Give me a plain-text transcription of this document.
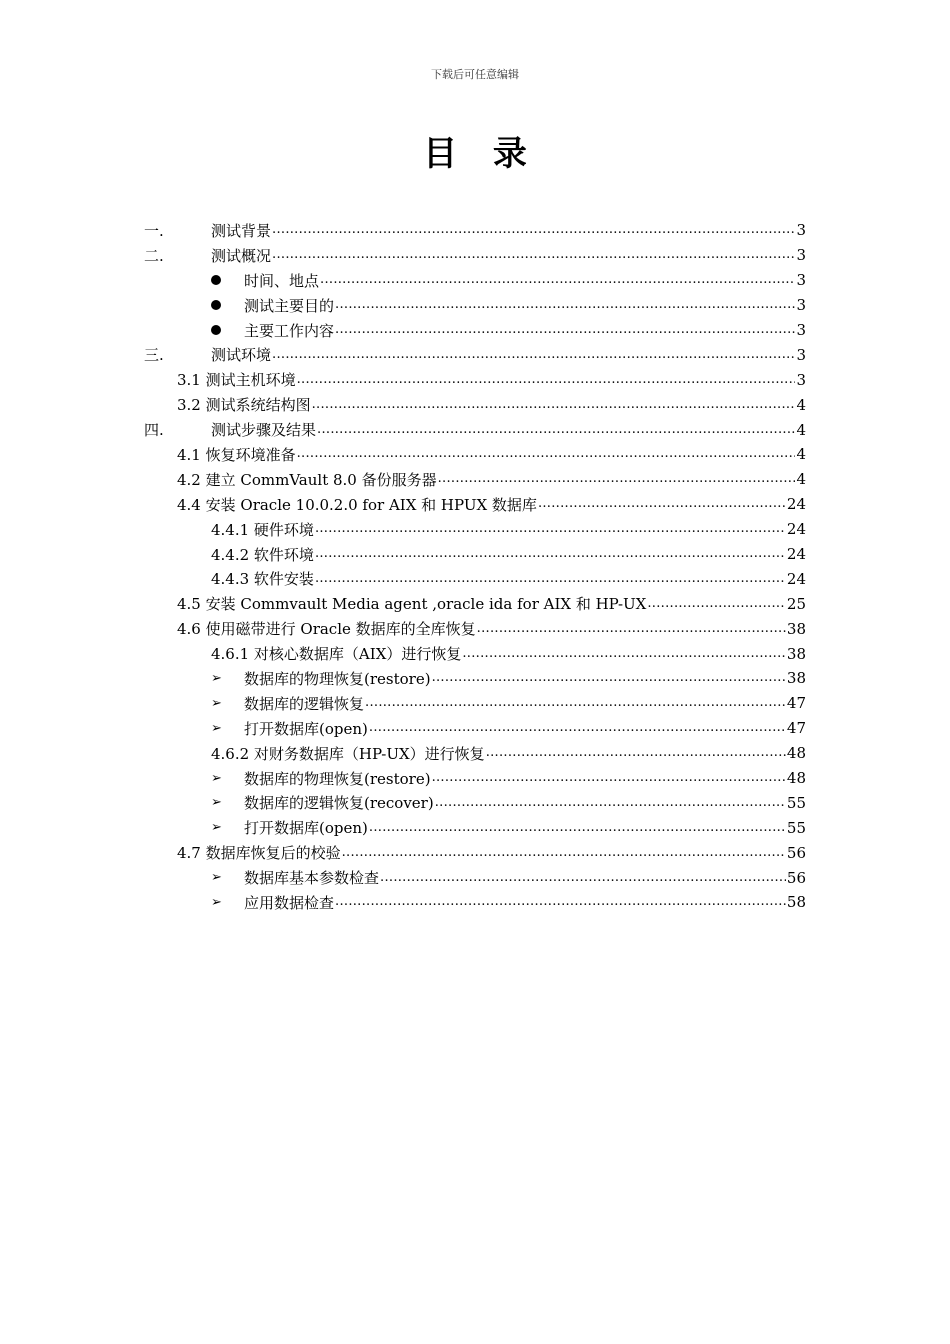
下载后可任意编辑
目 录
一.	测试背景 .....	3
二.	测试概况 .....	3
时间、地点 .....	3
测试主要目的 .....	3
主要工作内容 .....	3
三.	测试环境 .....	3
3.1 测试主机环境 .....	3
3.2 测试系统结构图 .....	4
四.	测试步骤及结果 .....	4
4.1 恢复环境准备 .....	4
4.2 建立 CommVault 8.0 备份服务器 .....	4
4.4 安装 Oracle 10.0.2.0 for AIX 和 HPUX 数据库 .....	24
4.4.1 硬件环境 .....	24
4.4.2 软件环境 .....	24
4.4.3 软件安装 .....	24
4.5 安装 Commvault Media agent ,oracle ida for AIX 和 HP-UX .....	25
4.6 使用磁带进行 Oracle 数据库的全库恢复 .....	38
4.6.1 对核心数据库（AIX）进行恢复 .....	38
➢ 数据库的物理恢复(restore) .....	38
➢ 数据库的逻辑恢复 .....	47
➢ 打开数据库(open) .....	47
4.6.2 对财务数据库（HP-UX）进行恢复 .....	48
➢ 数据库的物理恢复(restore) .....	48
➢ 数据库的逻辑恢复(recover) .....	55
➢ 打开数据库(open) .....	55
4.7 数据库恢复后的校验 .....	56
➢ 数据库基本参数检查 .....	56
➢ 应用数据检查 .....	58
